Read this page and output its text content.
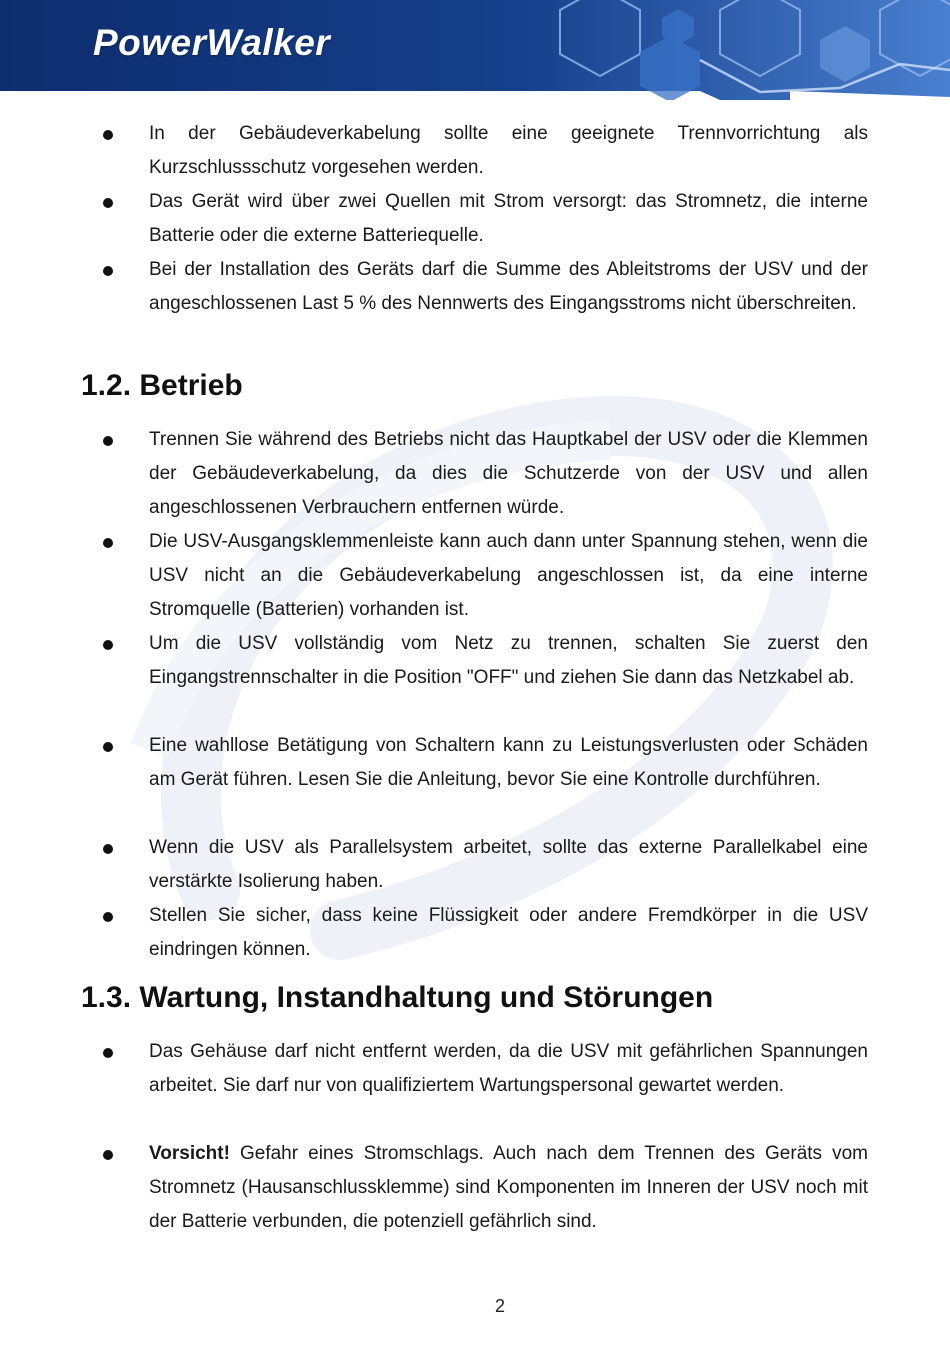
PowerWalker
In der Gebäudeverkabelung sollte eine geeignete Trennvorrichtung als Kurzschlussschutz vorgesehen werden.
Das Gerät wird über zwei Quellen mit Strom versorgt: das Stromnetz, die interne Batterie oder die externe Batteriequelle.
Bei der Installation des Geräts darf die Summe des Ableitstroms der USV und der angeschlossenen Last 5 % des Nennwerts des Eingangsstroms nicht überschreiten.
1.2. Betrieb
Trennen Sie während des Betriebs nicht das Hauptkabel der USV oder die Klemmen der Gebäudeverkabelung, da dies die Schutzerde von der USV und allen angeschlossenen Verbrauchern entfernen würde.
Die USV-Ausgangsklemmenleiste kann auch dann unter Spannung stehen, wenn die USV nicht an die Gebäudeverkabelung angeschlossen ist, da eine interne Stromquelle (Batterien) vorhanden ist.
Um die USV vollständig vom Netz zu trennen, schalten Sie zuerst den Eingangstrennschalter in die Position "OFF" und ziehen Sie dann das Netzkabel ab.
Eine wahllose Betätigung von Schaltern kann zu Leistungsverlusten oder Schäden am Gerät führen. Lesen Sie die Anleitung, bevor Sie eine Kontrolle durchführen.
Wenn die USV als Parallelsystem arbeitet, sollte das externe Parallelkabel eine verstärkte Isolierung haben.
Stellen Sie sicher, dass keine Flüssigkeit oder andere Fremdkörper in die USV eindringen können.
1.3. Wartung, Instandhaltung und Störungen
Das Gehäuse darf nicht entfernt werden, da die USV mit gefährlichen Spannungen arbeitet. Sie darf nur von qualifiziertem Wartungspersonal gewartet werden.
Vorsicht! Gefahr eines Stromschlags. Auch nach dem Trennen des Geräts vom Stromnetz (Hausanschlussklemme) sind Komponenten im Inneren der USV noch mit der Batterie verbunden, die potenziell gefährlich sind.
2
